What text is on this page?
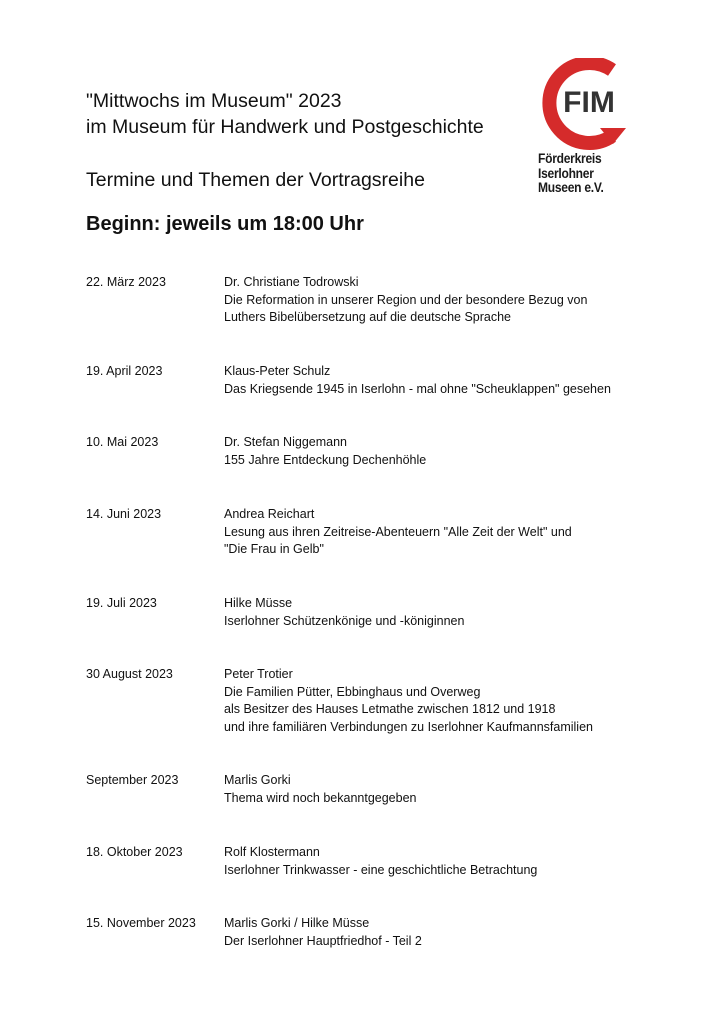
"Mittwochs im Museum" 2023
im Museum für Handwerk und Postgeschichte
Termine und Themen der Vortragsreihe
Beginn: jeweils um 18:00 Uhr
FIM
Förderkreis
Iserlohner
Museen e.V.
22. März 2023	Dr. Christiane Todrowski
Die Reformation in unserer Region und der besondere Bezug von
Luthers Bibelübersetzung auf die deutsche Sprache
19. April 2023	Klaus-Peter Schulz
Das Kriegsende 1945 in Iserlohn - mal ohne "Scheuklappen" gesehen
10. Mai 2023	Dr. Stefan Niggemann
155 Jahre Entdeckung Dechenhöhle
14. Juni 2023	Andrea Reichart
Lesung aus ihren Zeitreise-Abenteuern "Alle Zeit der Welt" und
"Die Frau in Gelb"
19. Juli 2023	Hilke Müsse
Iserlohner Schützenkönige und -königinnen
30 August 2023	Peter Trotier
Die Familien Pütter, Ebbinghaus und Overweg
als Besitzer des Hauses Letmathe zwischen 1812 und 1918
und ihre familiären Verbindungen zu Iserlohner Kaufmannsfamilien
September 2023	Marlis Gorki
Thema wird noch bekanntgegeben
18. Oktober 2023	Rolf Klostermann
Iserlohner Trinkwasser - eine geschichtliche Betrachtung
15. November 2023 Marlis Gorki / Hilke Müsse
Der Iserlohner Hauptfriedhof - Teil 2
